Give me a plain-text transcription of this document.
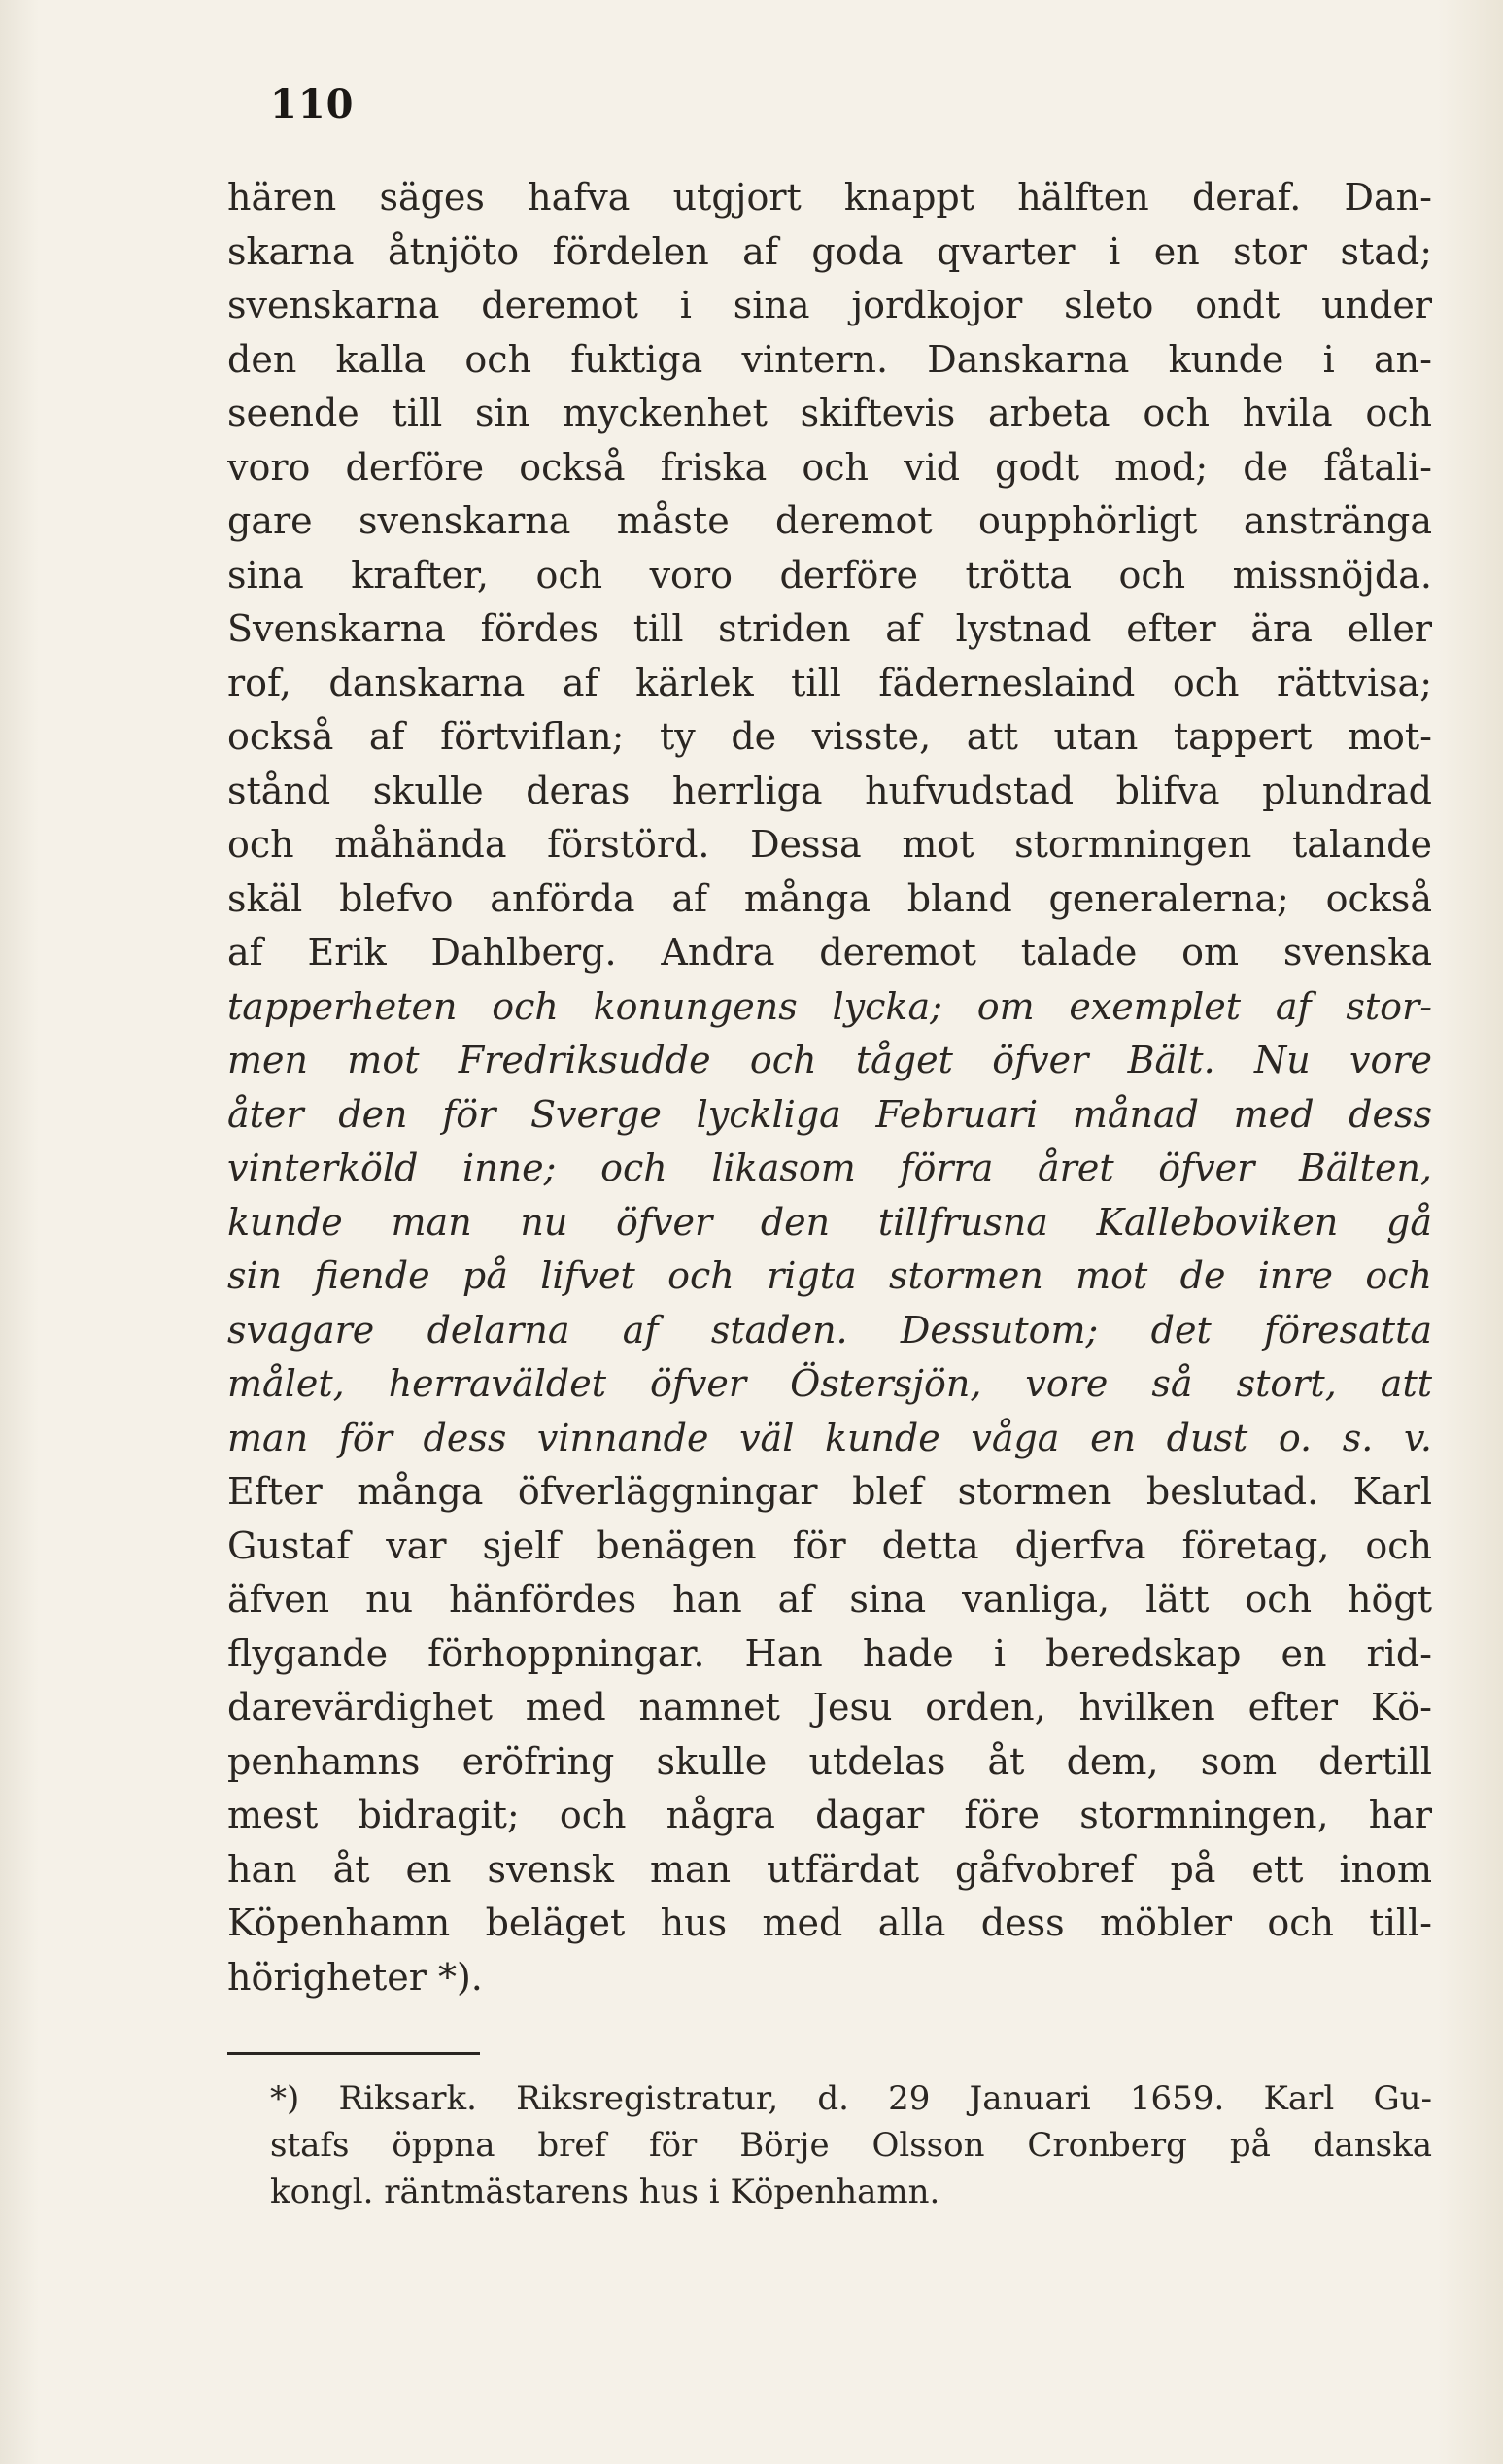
110
hären säges hafva utgjort knappt hälften deraf. Dan-
skarna åtnjöto fördelen af goda qvarter i en stor stad;
svenskarna deremot i sina jordkojor sleto ondt under
den kalla och fuktiga vintern. Danskarna kunde i an-
seende till sin myckenhet skiftevis arbeta och hvila och
voro derföre också friska och vid godt mod; de fåtali-
gare svenskarna måste deremot oupphörligt anstränga
sina krafter, och voro derföre trötta och missnöjda.
Svenskarna fördes till striden af lystnad efter ära eller
rof, danskarna af kärlek till fäderneslaind och rättvisa;
också af förtviflan; ty de visste, att utan tappert mot-
stånd skulle deras herrliga hufvudstad blifva plundrad
och måhända förstörd. Dessa mot stormningen talande
skäl blefvo anförda af många bland generalerna; också
af Erik Dahlberg. Andra deremot talade om svenska
tapperheten och konungens lycka; om exemplet af stor-
men mot Fredriksudde och tåget öfver Bält. Nu vore
åter den för Sverge lyckliga Februari månad med dess
vinterköld inne; och likasom förra året öfver Bälten,
kunde man nu öfver den tillfrusna Kalleboviken gå
sin fiende på lifvet och rigta stormen mot de inre och
svagare delarna af staden. Dessutom; det föresatta
målet, herraväldet öfver Östersjön, vore så stort, att
man för dess vinnande väl kunde våga en dust o. s. v.
Efter många öfverläggningar blef stormen beslutad. Karl
Gustaf var sjelf benägen för detta djerfva företag, och
äfven nu hänfördes han af sina vanliga, lätt och högt
flygande förhoppningar. Han hade i beredskap en rid-
darevärdighet med namnet Jesu orden, hvilken efter Kö-
penhamns eröfring skulle utdelas åt dem, som dertill
mest bidragit; och några dagar före stormningen, har
han åt en svensk man utfärdat gåfvobref på ett inom
Köpenhamn beläget hus med alla dess möbler och till-
hörigheter *).
*) Riksark. Riksregistratur, d. 29 Januari 1659. Karl Gu-
stafs öppna bref för Börje Olsson Cronberg på danska
kongl. räntmästarens hus i Köpenhamn.
